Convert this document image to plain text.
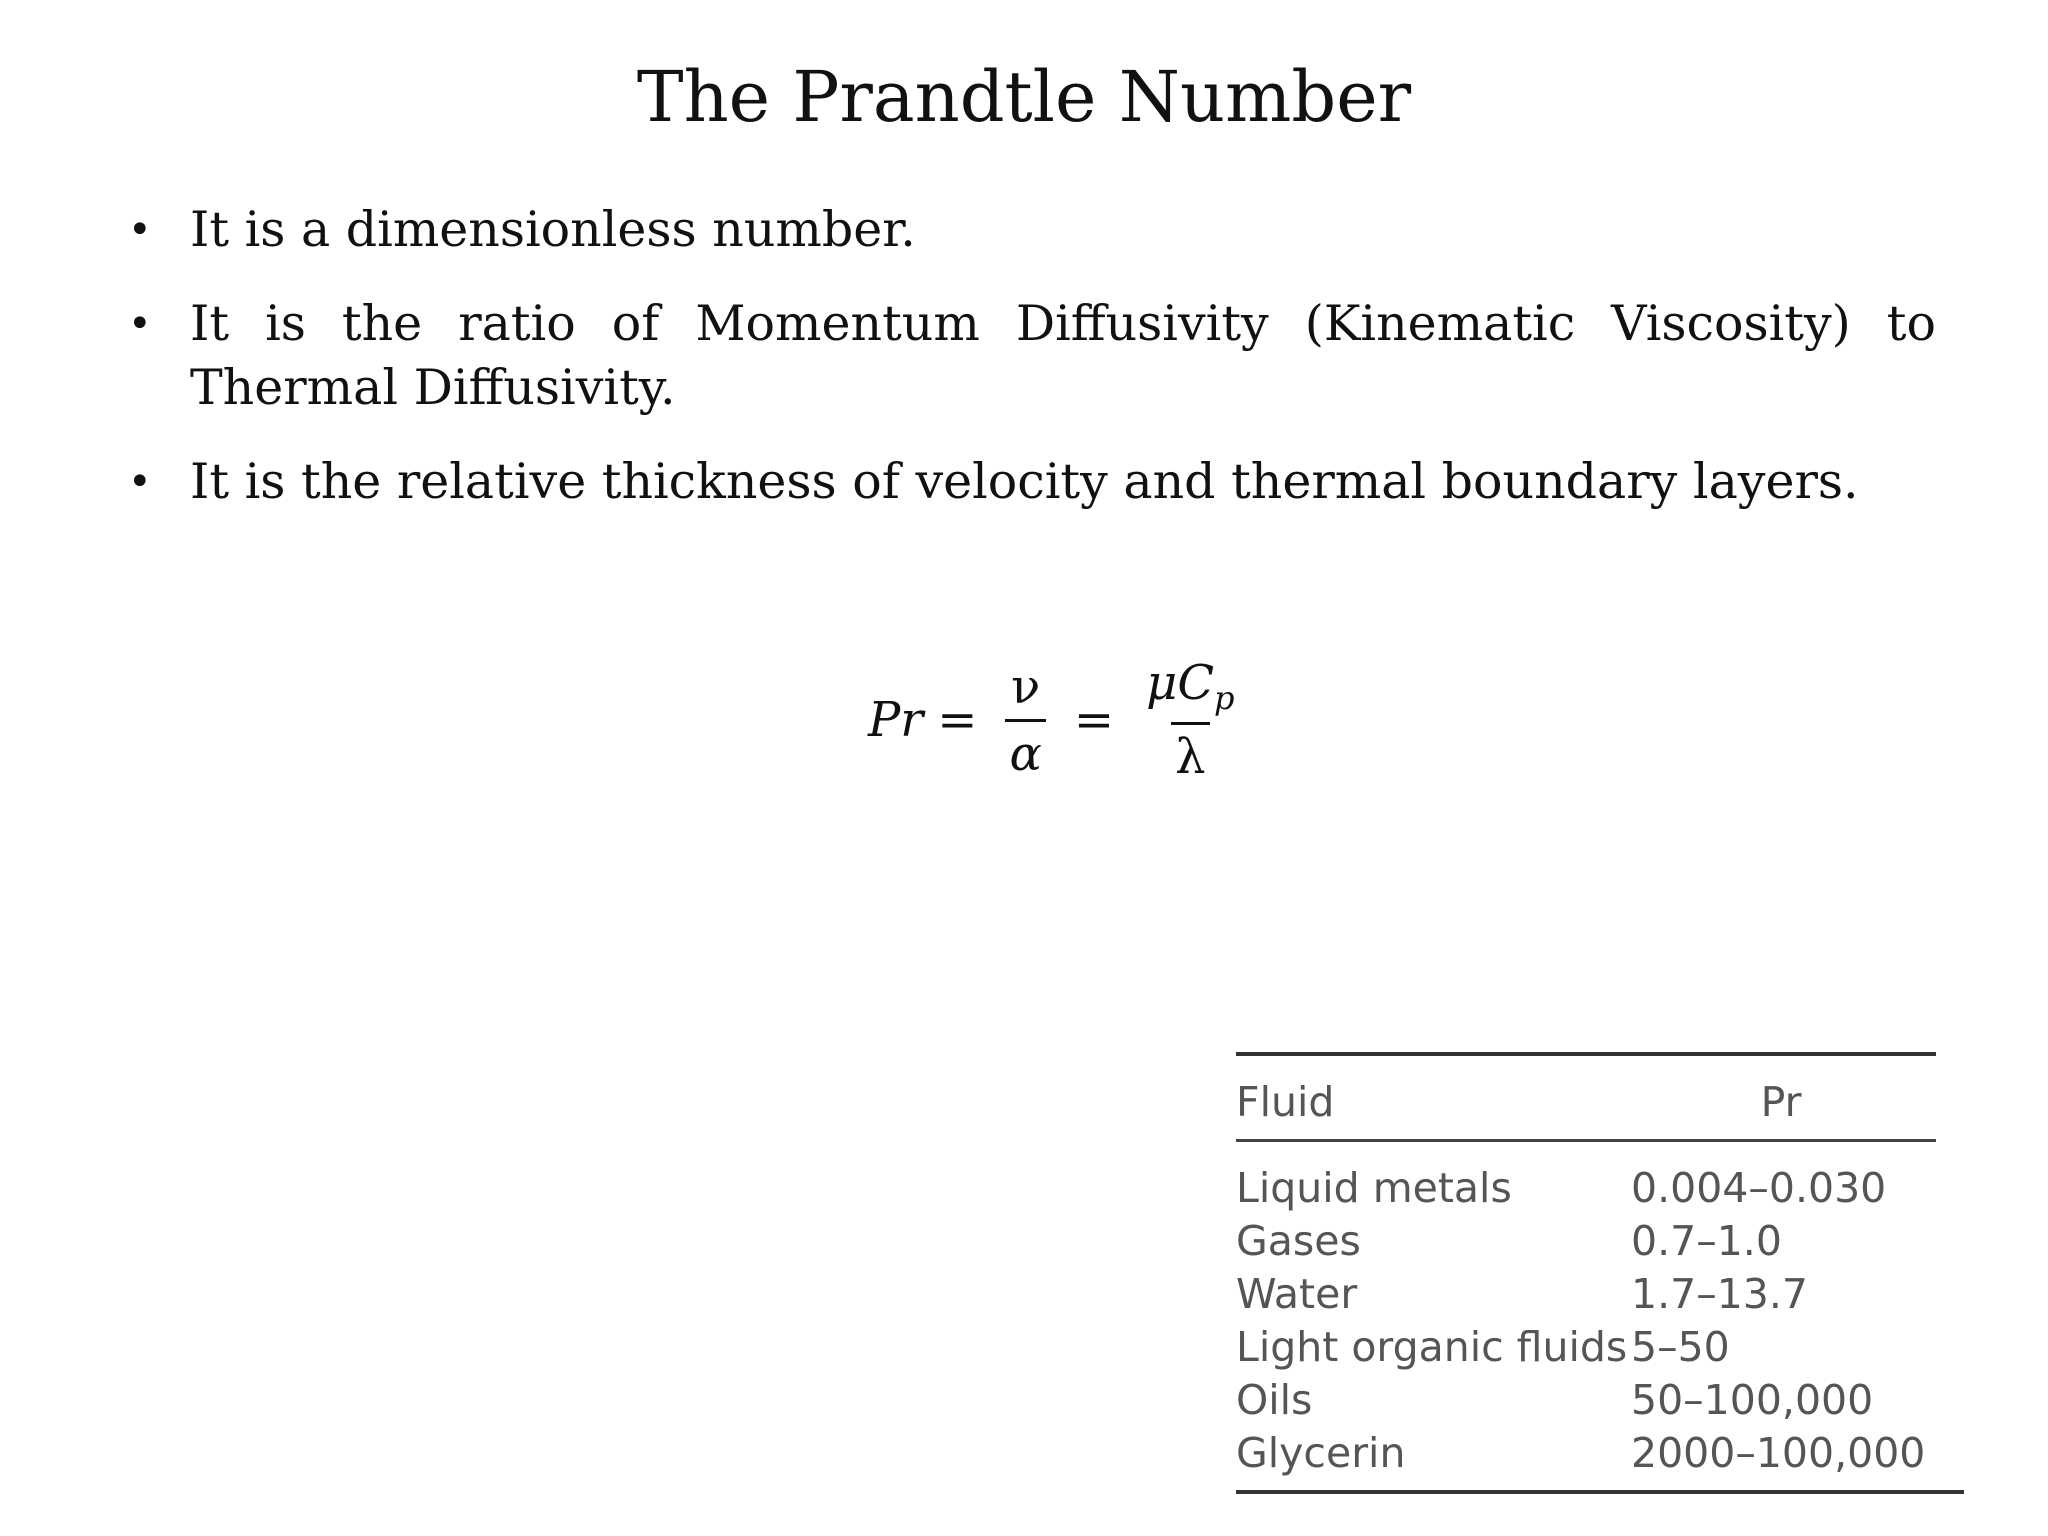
The Prandtle Number
• It is a dimensionless number.
• It is the ratio of Momentum Diffusivity (Kinematic Viscosity) to Thermal Diffusivity.
• It is the relative thickness of velocity and thermal boundary layers.
$Pr = \frac{\nu}{\alpha} = \frac{\mu C_p}{\lambda}$
Fluid	Pr
Liquid metals	0.004–0.030
Gases	0.7–1.0
Water	1.7–13.7
Light organic fluids 5–50
Oils	50–100,000
Glycerin	2000–100,000
